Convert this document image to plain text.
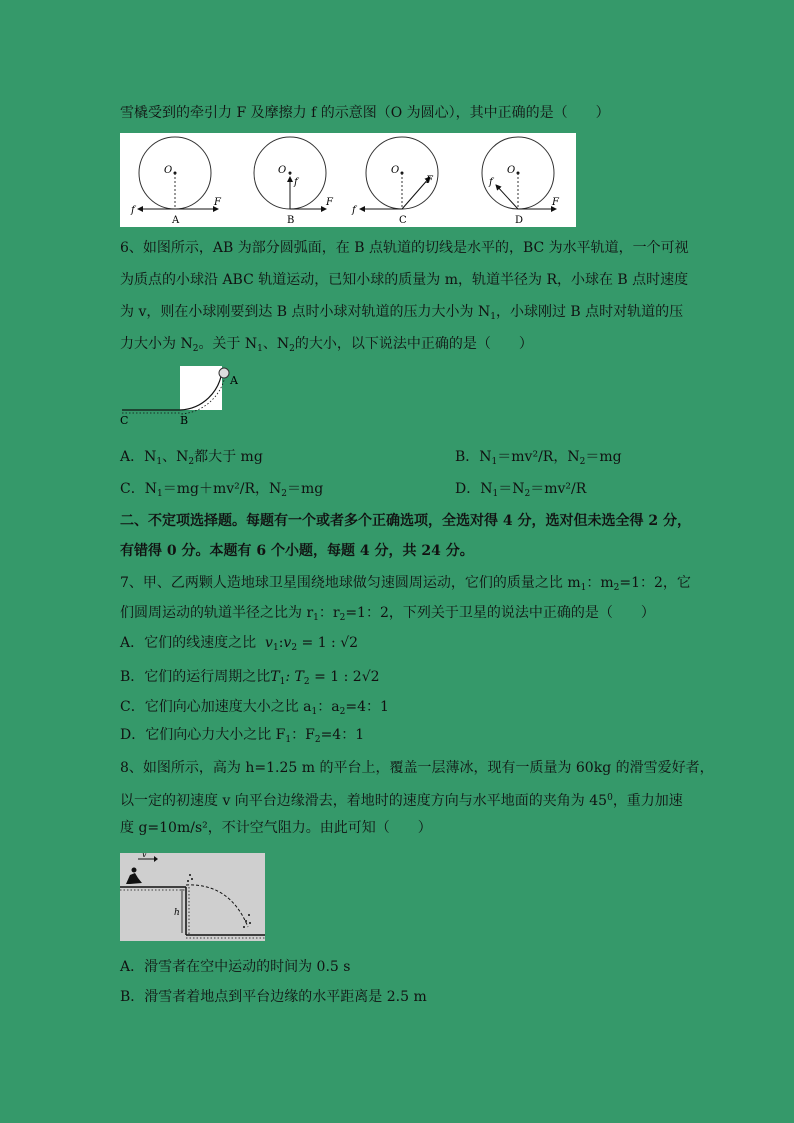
雪橇受到的牵引力 F 及摩擦力 f 的示意图（O 为圆心），其中正确的是（　　）
O
f
F
A
O
f
F
B
O
f
F
C
O
f
F
D
6、如图所示，AB 为部分圆弧面，在 B 点轨道的切线是水平的，BC 为水平轨道，一个可视
为质点的小球沿 ABC 轨道运动，已知小球的质量为 m，轨道半径为 R，小球在 B 点时速度
为 v，则在小球刚要到达 B 点时小球对轨道的压力大小为 $N_1$，小球刚过 B 点时对轨道的压
力大小为 $N_2$。关于 $N_1$、$N_2$的大小，以下说法中正确的是（　　）
A
B
C
A．$N_1$、$N_2$都大于 mg	B．$N_1=mv^2/R$，$N_2=mg$
C．$N_1=mg+mv^2/R$，$N_2=mg$	D．$N_1=N_2=mv^2/R$
二、不定项选择题。每题有一个或者多个正确选项，全选对得 4 分，选对但未选全得 2 分，
有错得 0 分。本题有 6 个小题，每题 4 分，共 24 分。
7、甲、乙两颗人造地球卫星围绕地球做匀速圆周运动，它们的质量之比 $m_1$：$m_2=1$：2，它
们圆周运动的轨道半径之比为 $r_1$：$r_2=1$：2，下列关于卫星的说法中正确的是（　　）
A．它们的线速度之比 $v_1:v_2 = 1$ : √2
B．它们的运行周期之比$T_1$: $T_2 = 1$ : 2√2
C．它们向心加速度大小之比 $a_1$：$a_2=4$：1
D．它们向心力大小之比 $F_1$：$F_2=4$：1
8、如图所示，高为 h=1.25 m 的平台上，覆盖一层薄冰，现有一质量为 60kg 的滑雪爱好者，
以一定的初速度 v 向平台边缘滑去，着地时的速度方向与水平地面的夹角为 $45^0$，重力加速
度 g=10m/s²，不计空气阻力。由此可知（　　）
v
h
A．滑雪者在空中运动的时间为 0.5 s
B．滑雪者着地点到平台边缘的水平距离是 2.5 m
